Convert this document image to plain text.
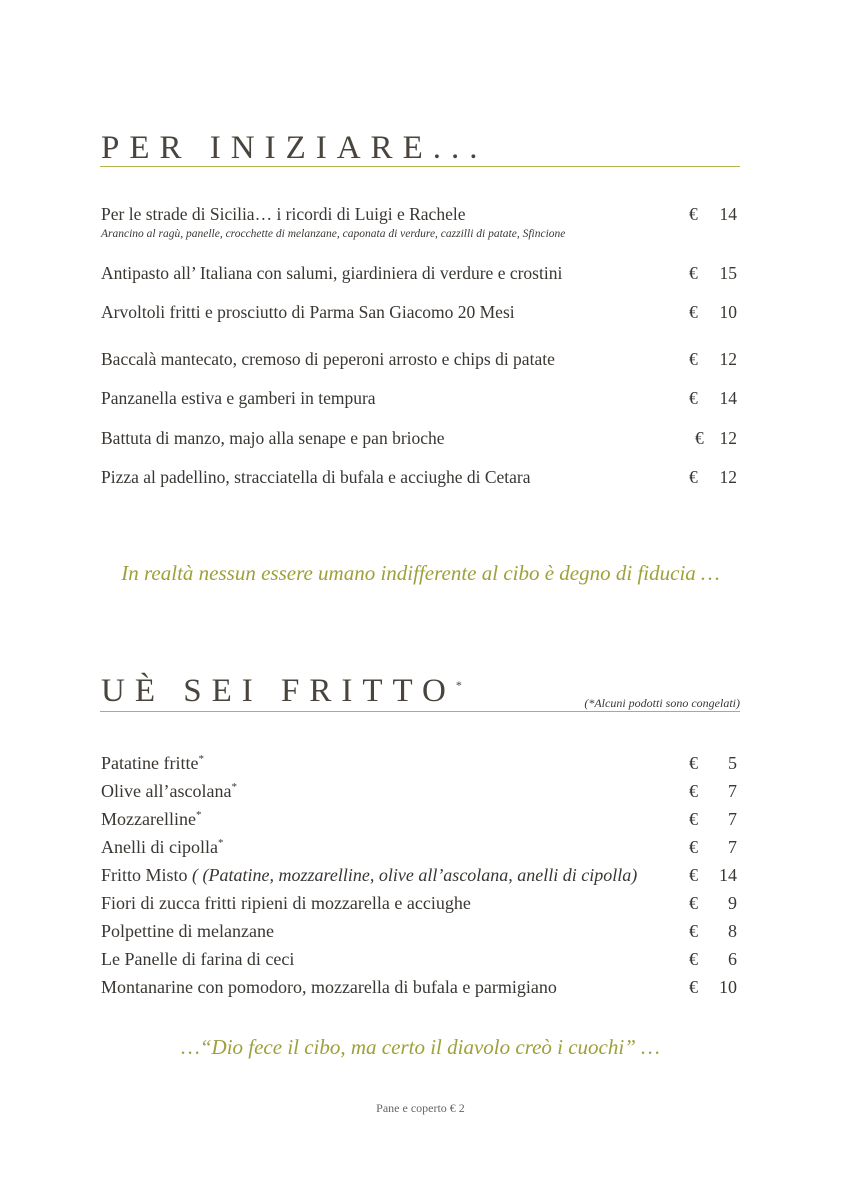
PER INIZIARE...
Per le strade di Sicilia… i ricordi di Luigi e Rachele	€ 14
Arancino al ragù, panelle, crocchette di melanzane, caponata di verdure, cazzilli di patate, Sfincione
Antipasto all’ Italiana con salumi, giardiniera di verdure e crostini	€ 15
Arvoltoli fritti e prosciutto di Parma San Giacomo 20 Mesi	€ 10
Baccalà mantecato, cremoso di peperoni arrosto e chips di patate	€ 12
Panzanella estiva e gamberi in tempura	€ 14
Battuta di manzo, majo alla senape e pan brioche	€ 12
Pizza al padellino, stracciatella di bufala e acciughe di Cetara	€ 12
In realtà nessun essere umano indifferente al cibo è degno di fiducia …
UÈ SEI FRITTO*
(*Alcuni podotti sono congelati)
Patatine fritte*	€ 5
Olive all’ascolana*	€ 7
Mozzarelline*	€ 7
Anelli di cipolla*	€ 7
Fritto Misto ( (Patatine, mozzarelline, olive all’ascolana, anelli di cipolla)	€ 14
Fiori di zucca fritti ripieni di mozzarella e acciughe	€ 9
Polpettine di melanzane	€ 8
Le Panelle di farina di ceci	€ 6
Montanarine con pomodoro, mozzarella di bufala e parmigiano	€ 10
…“Dio fece il cibo, ma certo il diavolo creò i cuochi” …
Pane e coperto € 2
